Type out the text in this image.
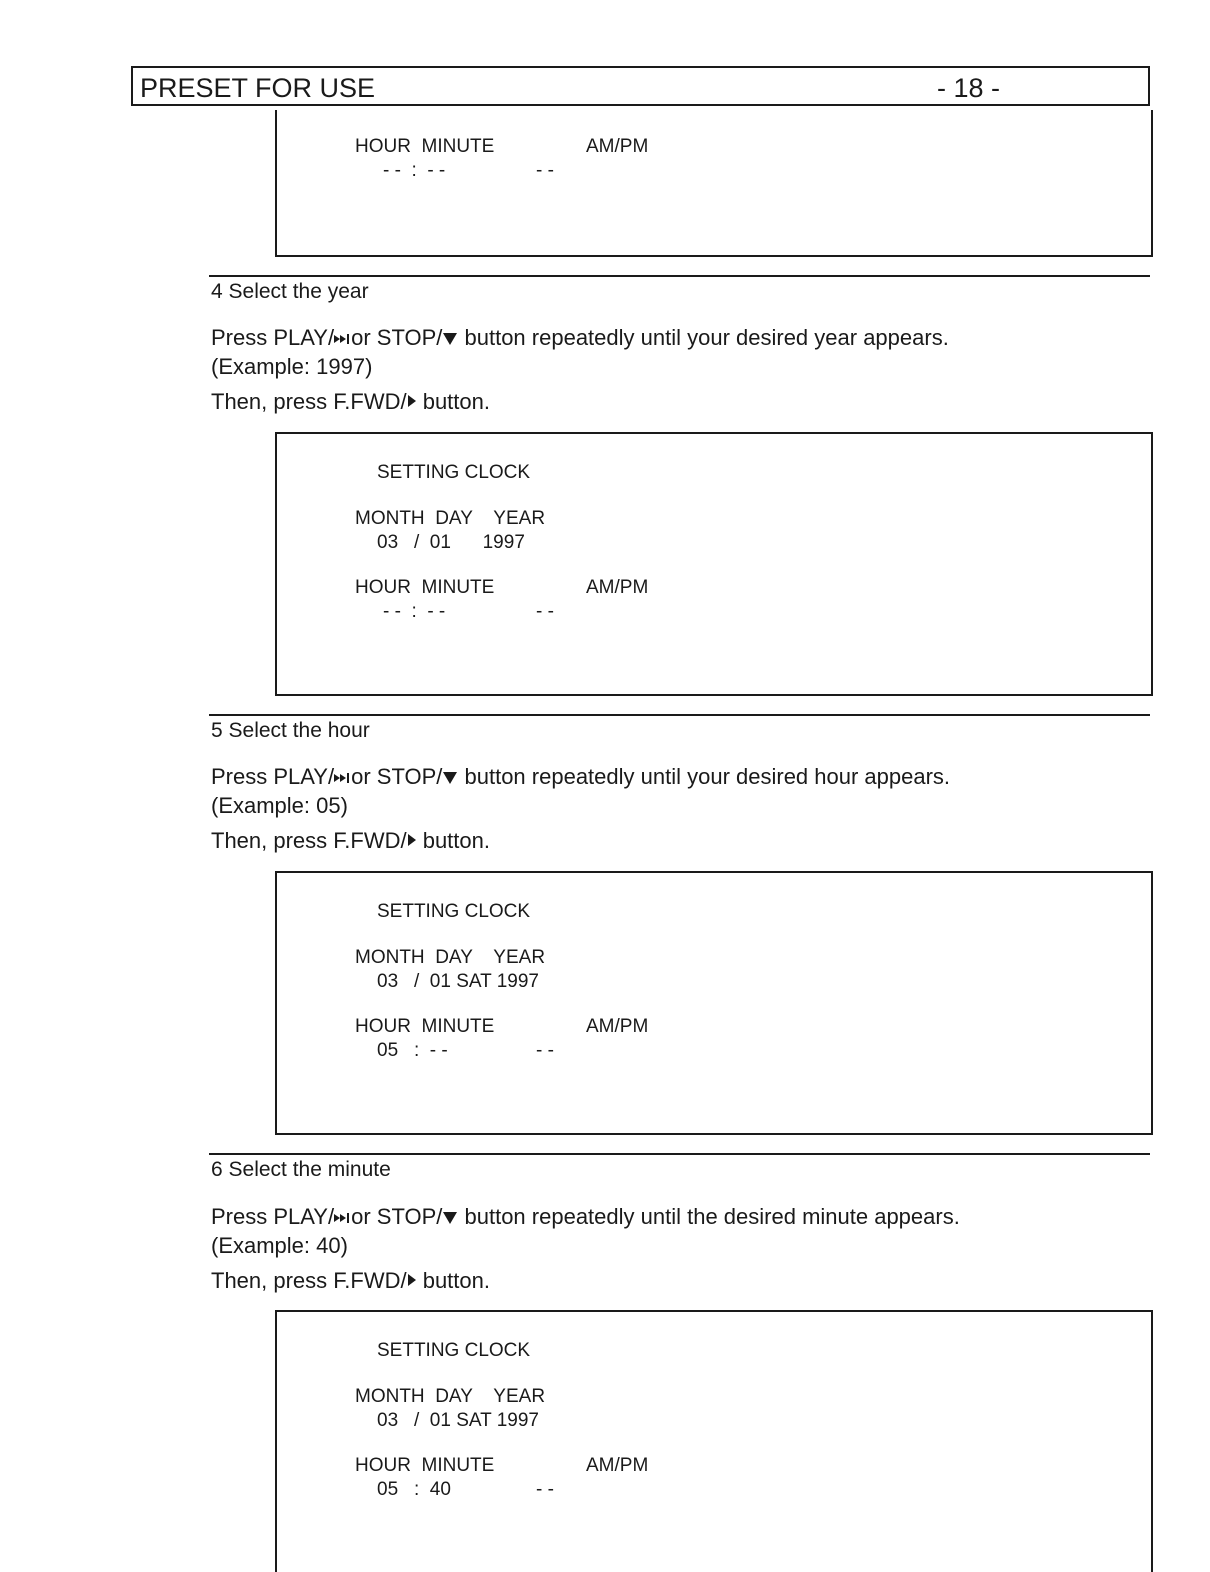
PRESET FOR USE	- 18 -
HOUR  MINUTE	AM/PM
- -  :  - -	- -
4 Select the year
Press PLAY/ or STOP/ button repeatedly until your desired year appears.
(Example: 1997)
Then, press F.FWD/ button.
SETTING CLOCK
MONTH  DAY    YEAR
03   /  01      1997
HOUR  MINUTE	AM/PM
- -  :  - -	- -
5 Select the hour
Press PLAY/ or STOP/ button repeatedly until your desired hour appears.
(Example: 05)
Then, press F.FWD/ button.
SETTING CLOCK
MONTH  DAY    YEAR
03   /  01 SAT 1997
HOUR  MINUTE	AM/PM
05   :  - -	- -
6 Select the minute
Press PLAY/ or STOP/ button repeatedly until the desired minute appears.
(Example: 40)
Then, press F.FWD/ button.
SETTING CLOCK
MONTH  DAY    YEAR
03   /  01 SAT 1997
HOUR  MINUTE	AM/PM
05   :  40	- -
